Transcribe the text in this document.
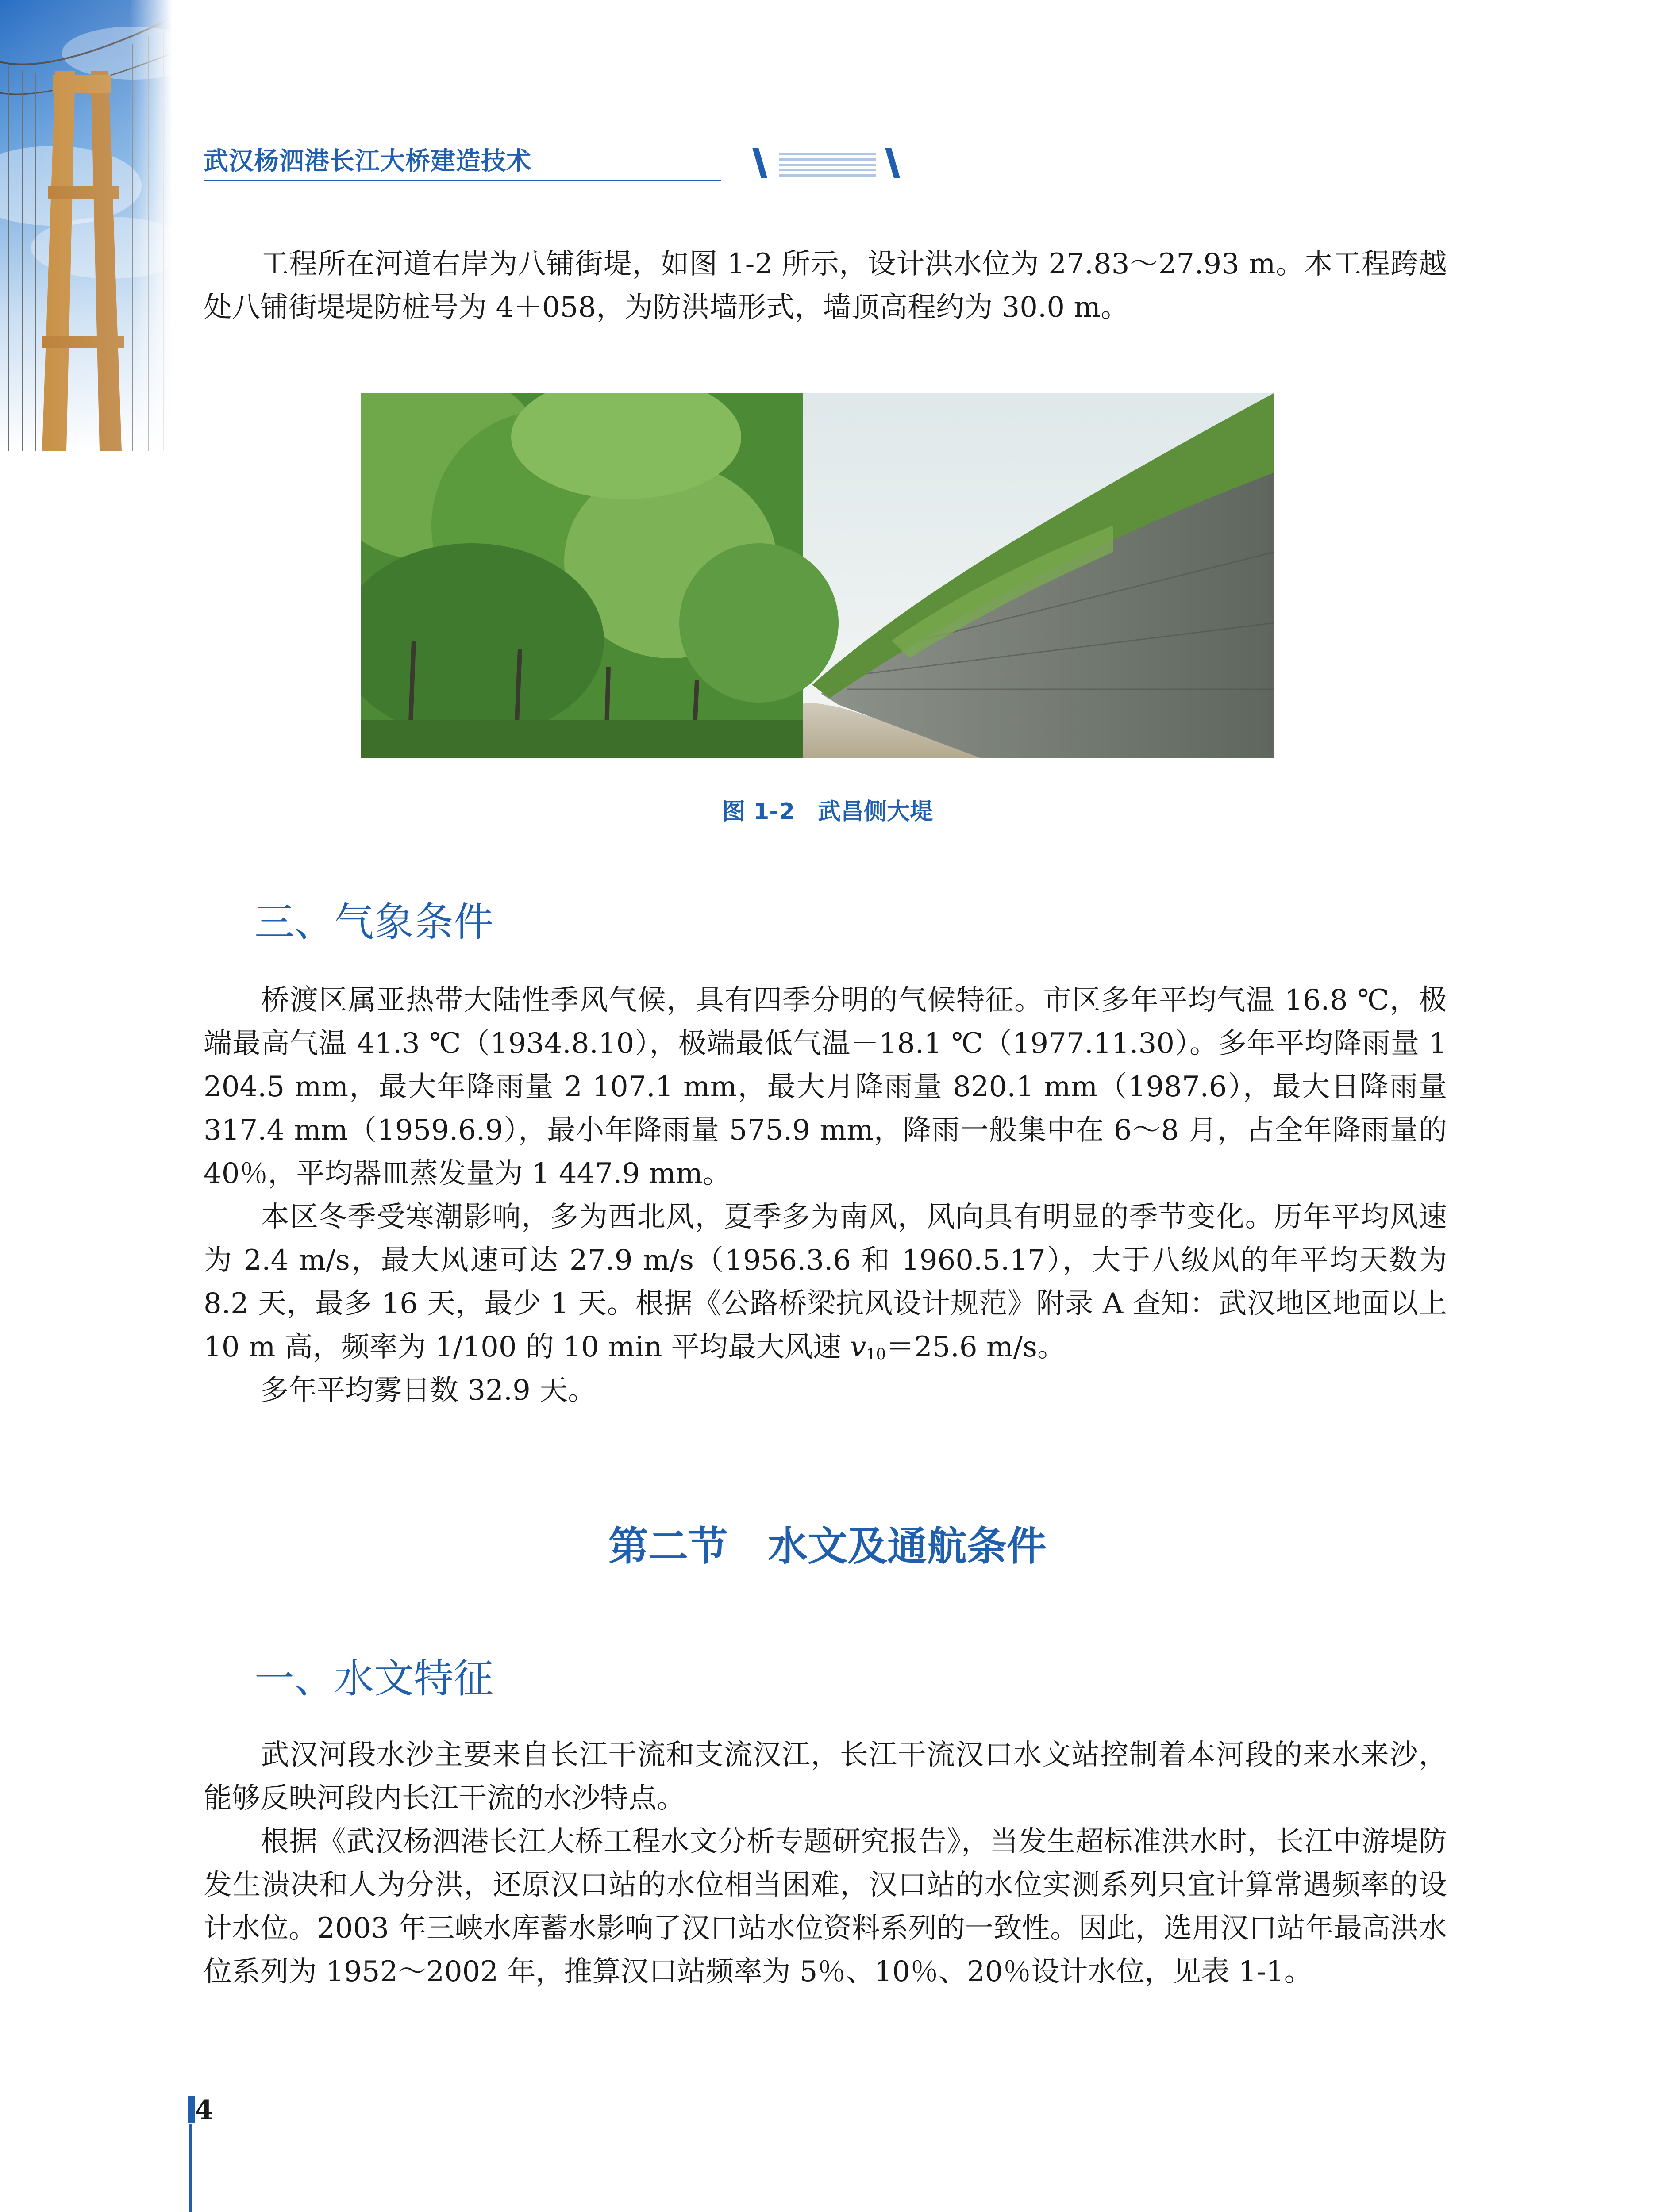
武汉杨泗港长江大桥建造技术

工程所在河道右岸为八铺街堤，如图 1-2 所示，设计洪水位为 27.83～27.93 m。本工程跨越处八铺街堤堤防桩号为 4＋058，为防洪墙形式，墙顶高程约为 30.0 m。

图 1-2　武昌侧大堤
三、气象条件

桥渡区属亚热带大陆性季风气候，具有四季分明的气候特征。市区多年平均气温 16.8 ℃，极端最高气温 41.3 ℃（1934.8.10），极端最低气温－18.1 ℃（1977.11.30）。多年平均降雨量 1 204.5 mm，最大年降雨量 2 107.1 mm，最大月降雨量 820.1 mm（1987.6），最大日降雨量 317.4 mm（1959.6.9），最小年降雨量 575.9 mm，降雨一般集中在 6～8 月，占全年降雨量的 40％，平均器皿蒸发量为 1 447.9 mm。

本区冬季受寒潮影响，多为西北风，夏季多为南风，风向具有明显的季节变化。历年平均风速为 2.4 m/s，最大风速可达 27.9 m/s（1956.3.6 和 1960.5.17），大于八级风的年平均天数为 8.2 天，最多 16 天，最少 1 天。根据《公路桥梁抗风设计规范》附录 A 查知：武汉地区地面以上 10 m 高，频率为 1/100 的 10 min 平均最大风速 $v_{10}=25.6$ m/s。

多年平均雾日数 32.9 天。

第二节　水文及通航条件
一、水文特征

武汉河段水沙主要来自长江干流和支流汉江，长江干流汉口水文站控制着本河段的来水来沙，能够反映河段内长江干流的水沙特点。

根据《武汉杨泗港长江大桥工程水文分析专题研究报告》，当发生超标准洪水时，长江中游堤防发生溃决和人为分洪，还原汉口站的水位相当困难，汉口站的水位实测系列只宜计算常遇频率的设计水位。2003 年三峡水库蓄水影响了汉口站水位资料系列的一致性。因此，选用汉口站年最高洪水位系列为 1952～2002 年，推算汉口站频率为 5％、10％、20％设计水位，见表 1-1。

4
